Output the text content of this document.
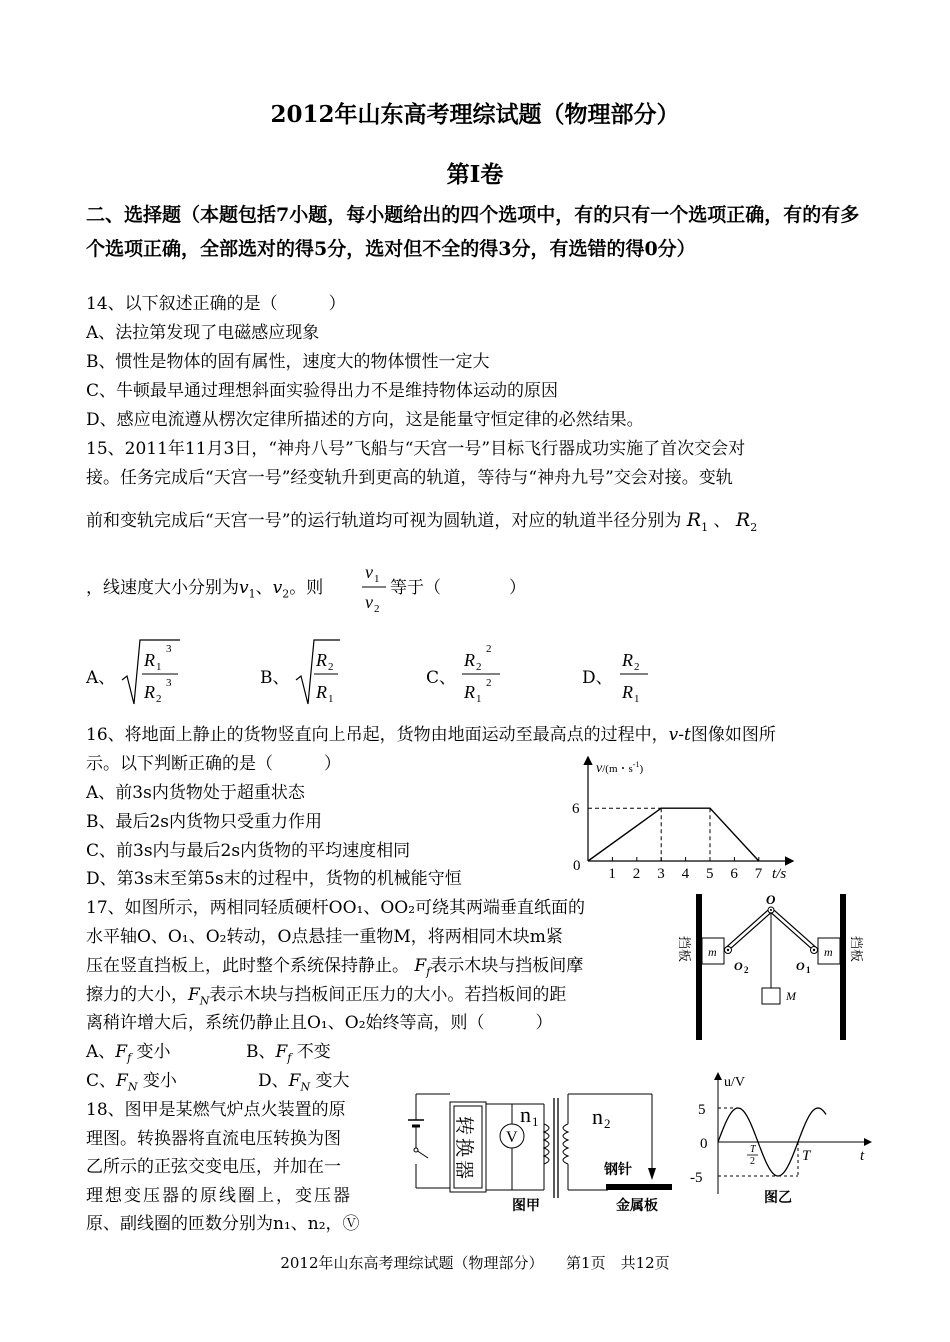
2012年山东高考理综试题（物理部分）
第Ⅰ卷
二、选择题（本题包括7小题，每小题给出的四个选项中，有的只有一个选项正确，有的有多个选项正确，全部选对的得5分，选对但不全的得3分，有选错的得0分）
14、以下叙述正确的是（　　　）
A、法拉第发现了电磁感应现象
B、惯性是物体的固有属性，速度大的物体惯性一定大
C、牛顿最早通过理想斜面实验得出力不是维持物体运动的原因
D、感应电流遵从楞次定律所描述的方向，这是能量守恒定律的必然结果。
15、2011年11月3日，“神舟八号”飞船与“天宫一号”目标飞行器成功实施了首次交会对
接。任务完成后“天宫一号”经变轨升到更高的轨道，等待与“神舟九号”交会对接。变轨
前和变轨完成后“天宫一号”的运行轨道均可视为圆轨道，对应的轨道半径分别为 $R_1$ 、 $R_2$
，线速度大小分别为$v_1$、$v_2$。则
v 1
v 2
等于（　　　　）
A、
R 1
3
R 2
3	B、
R 2
R 1
C、
R 2
2
R 1
2	D、
R 2
R 1
16、将地面上静止的货物竖直向上吊起，货物由地面运动至最高点的过程中，v-t图像如图所
示。以下判断正确的是（　　　）
A、前3s内货物处于超重状态
B、最后2s内货物只受重力作用
C、前3s内与最后2s内货物的平均速度相同
D、第3s末至第5s末的过程中，货物的机械能守恒	1 2 3 4 5 6 7
6
v/(m・$s^{-1}_)$
t/s
0
17、如图所示，两相同轻质硬杆OO₁、OO₂可绕其两端垂直纸面的
水平轴O、O₁、O₂转动，O点悬挂一重物M，将两相同木块m紧
压在竖直挡板上，此时整个系统保持静止。 $F_f$表示木块与挡板间摩
擦力的大小，$F_N$表示木块与挡板间正压力的大小。若挡板间的距
离稍许增大后，系统仍静止且O₁、O₂始终等高，则（　　　）
A、$F_f$ 变小	B、$F_f$ 不变
C、$F_N$ 变小	D、$F_N$ 变大
挡板	挡板
m	m
M
O
O 2	O 1
18、图甲是某燃气炉点火装置的原
理图。转换器将直流电压转换为图
乙所示的正弦交变电压，并加在一
理想变压器的原线圈上，变压器
原、副线圈的匝数分别为n₁、n₂，Ⓥ
转换器 V
n 1 n 2
钢针
金属板
图甲
u/V
t
5
0
-5
T
2	T
图乙
2012年山东高考理综试题（物理部分）　　第1页　共12页
